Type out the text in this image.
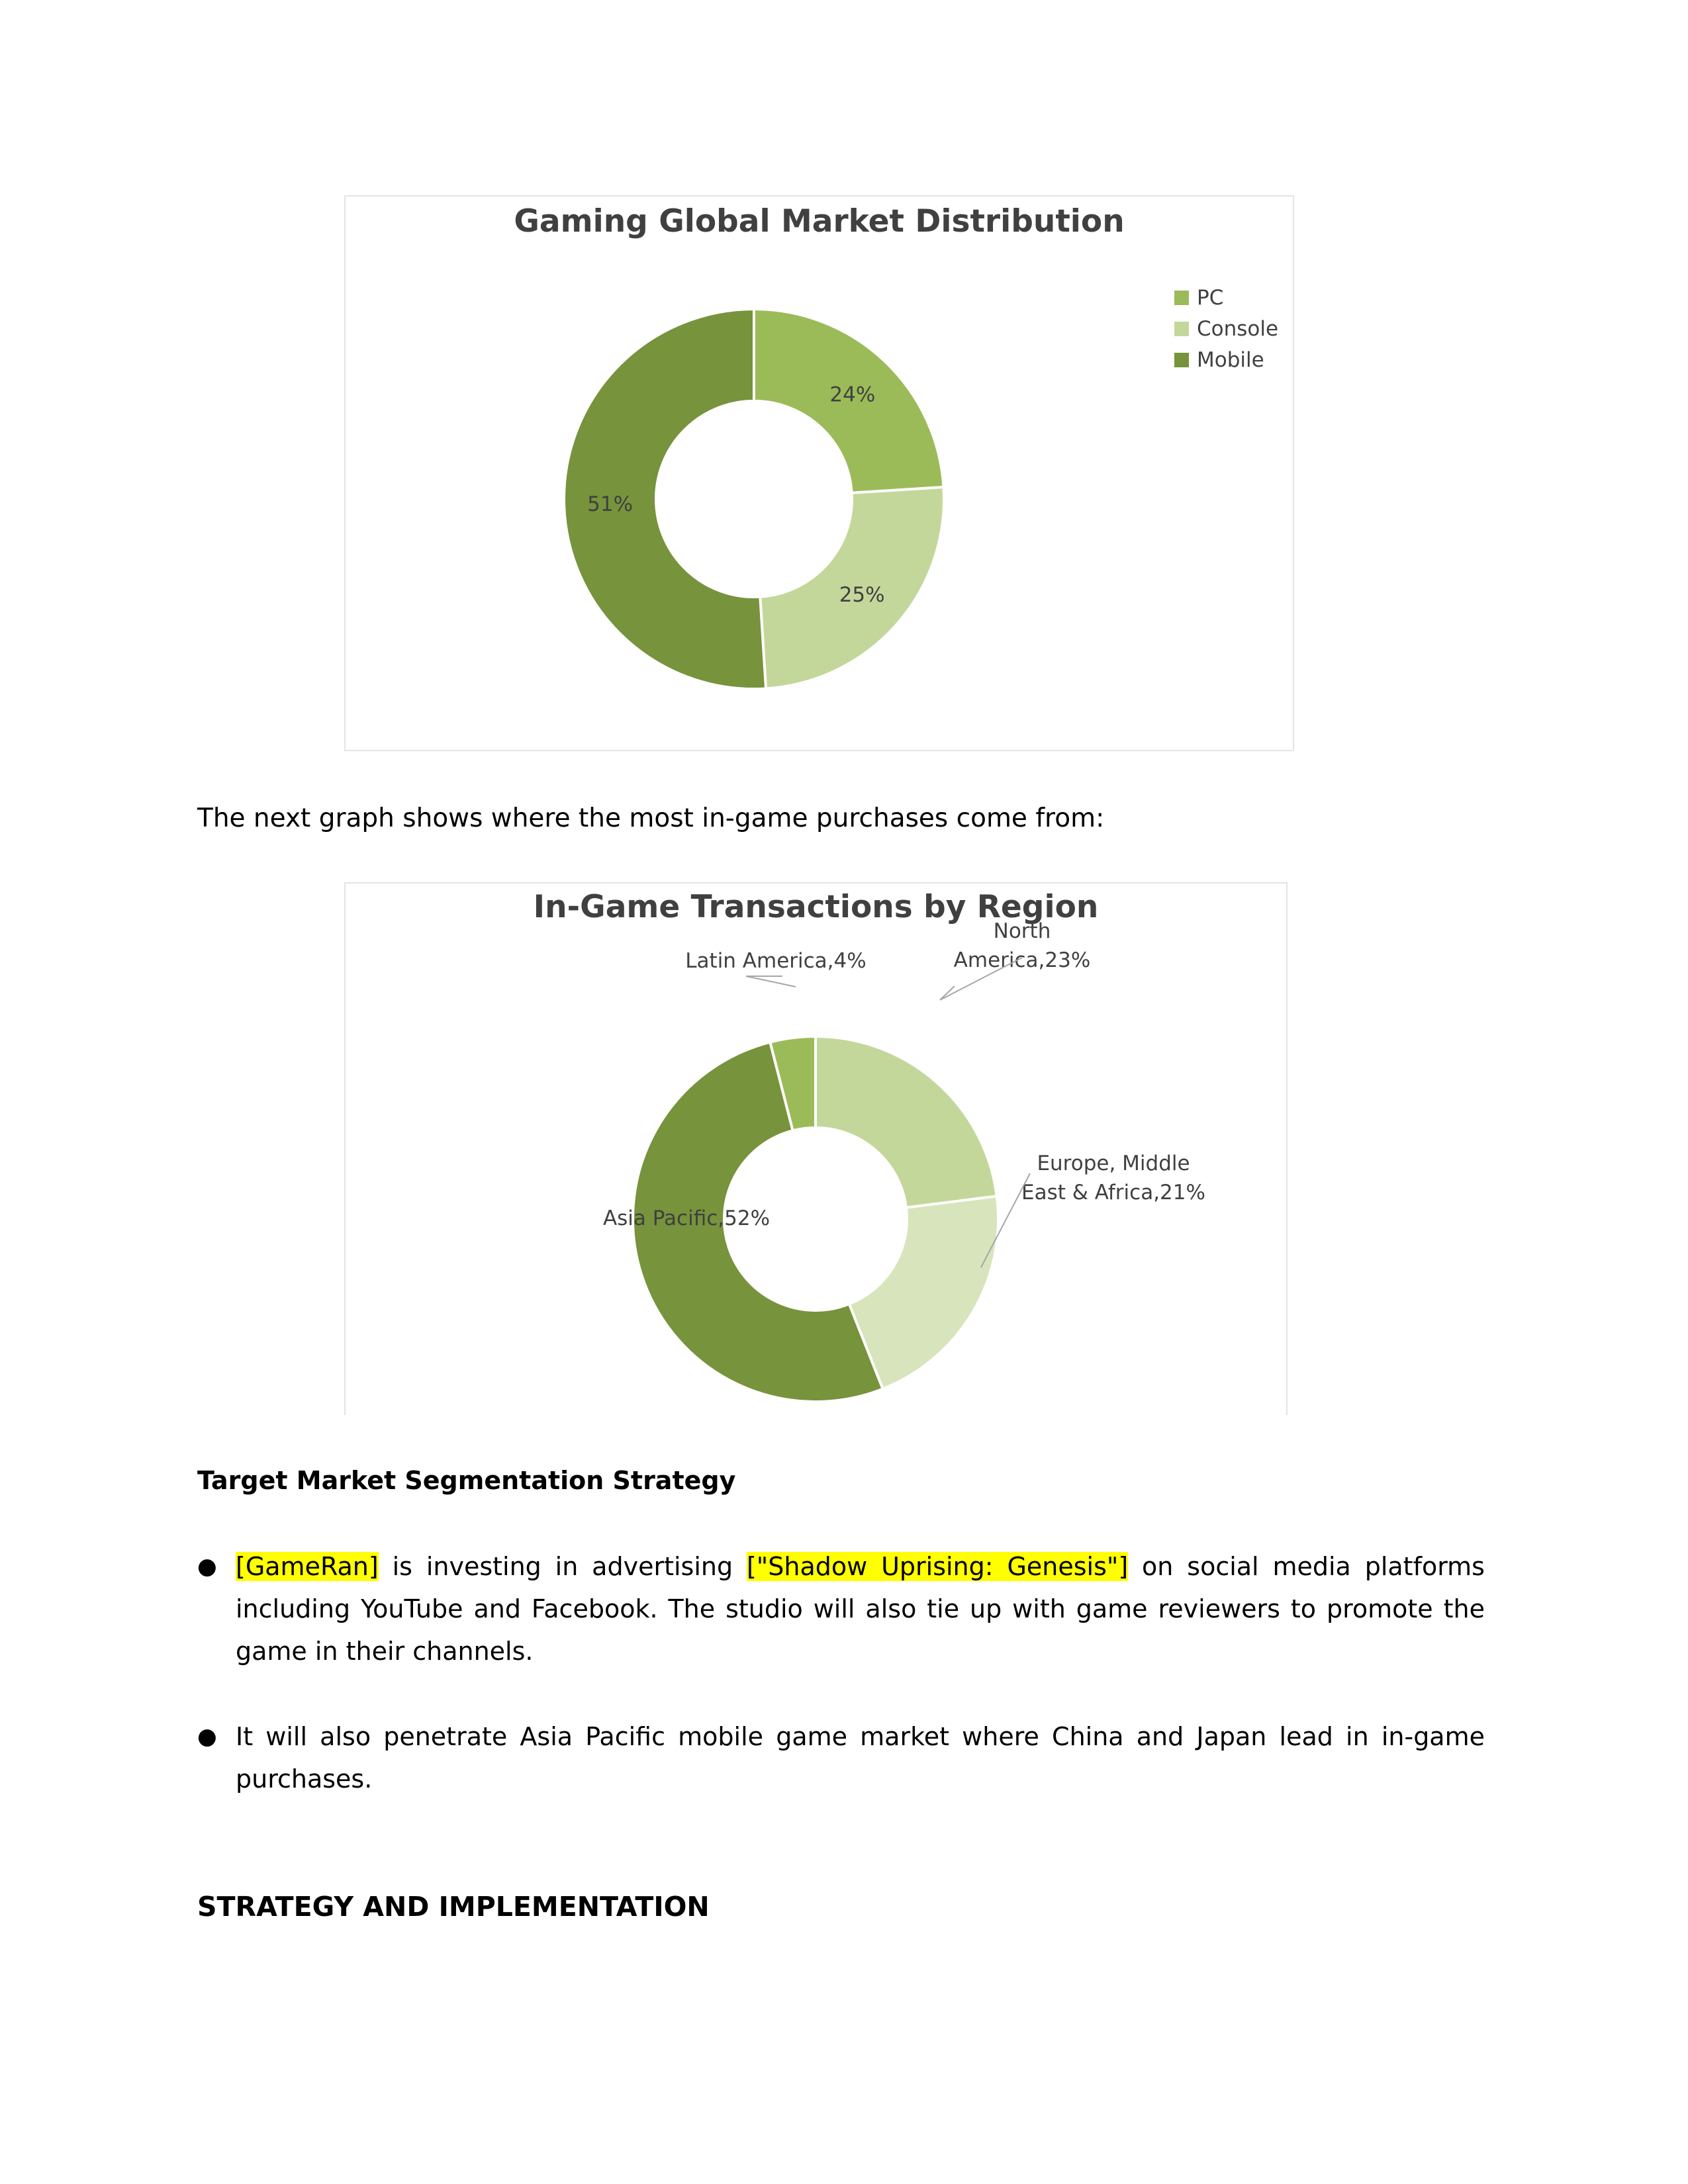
Gaming Global Market Distribution
24%
25%
51%
PC
Console
Mobile
The next graph shows where the most in-game purchases come from:
In-Game Transactions by Region
North
America,23%
Europe, Middle
East & Africa,21%
Asia Pacific,52%
Latin America,4%
Target Market Segmentation Strategy
● [GameRan] is investing in advertising ["Shadow Uprising: Genesis"] on social media platforms including YouTube and Facebook. The studio will also tie up with game reviewers to promote the game in their channels.
● It will also penetrate Asia Pacific mobile game market where China and Japan lead in in-game purchases.
STRATEGY AND IMPLEMENTATION
